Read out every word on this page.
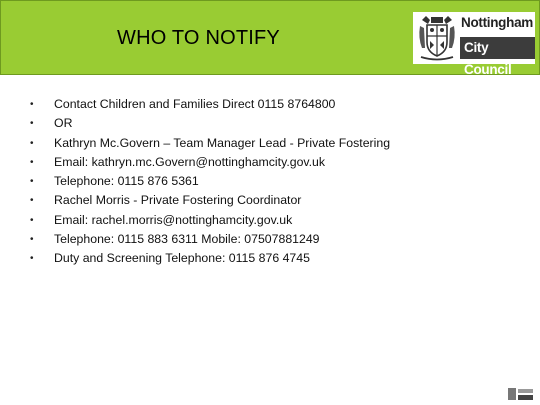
WHO TO NOTIFY
Nottingham
City Council
• Contact Children and Families Direct 0115 8764800
• OR
• Kathryn Mc.Govern – Team Manager Lead - Private Fostering
• Email: kathryn.mc.Govern@nottinghamcity.gov.uk
• Telephone: 0115 876 5361
• Rachel Morris - Private Fostering Coordinator
• Email: rachel.morris@nottinghamcity.gov.uk
• Telephone: 0115 883 6311 Mobile: 07507881249
• Duty and Screening Telephone: 0115 876 4745
